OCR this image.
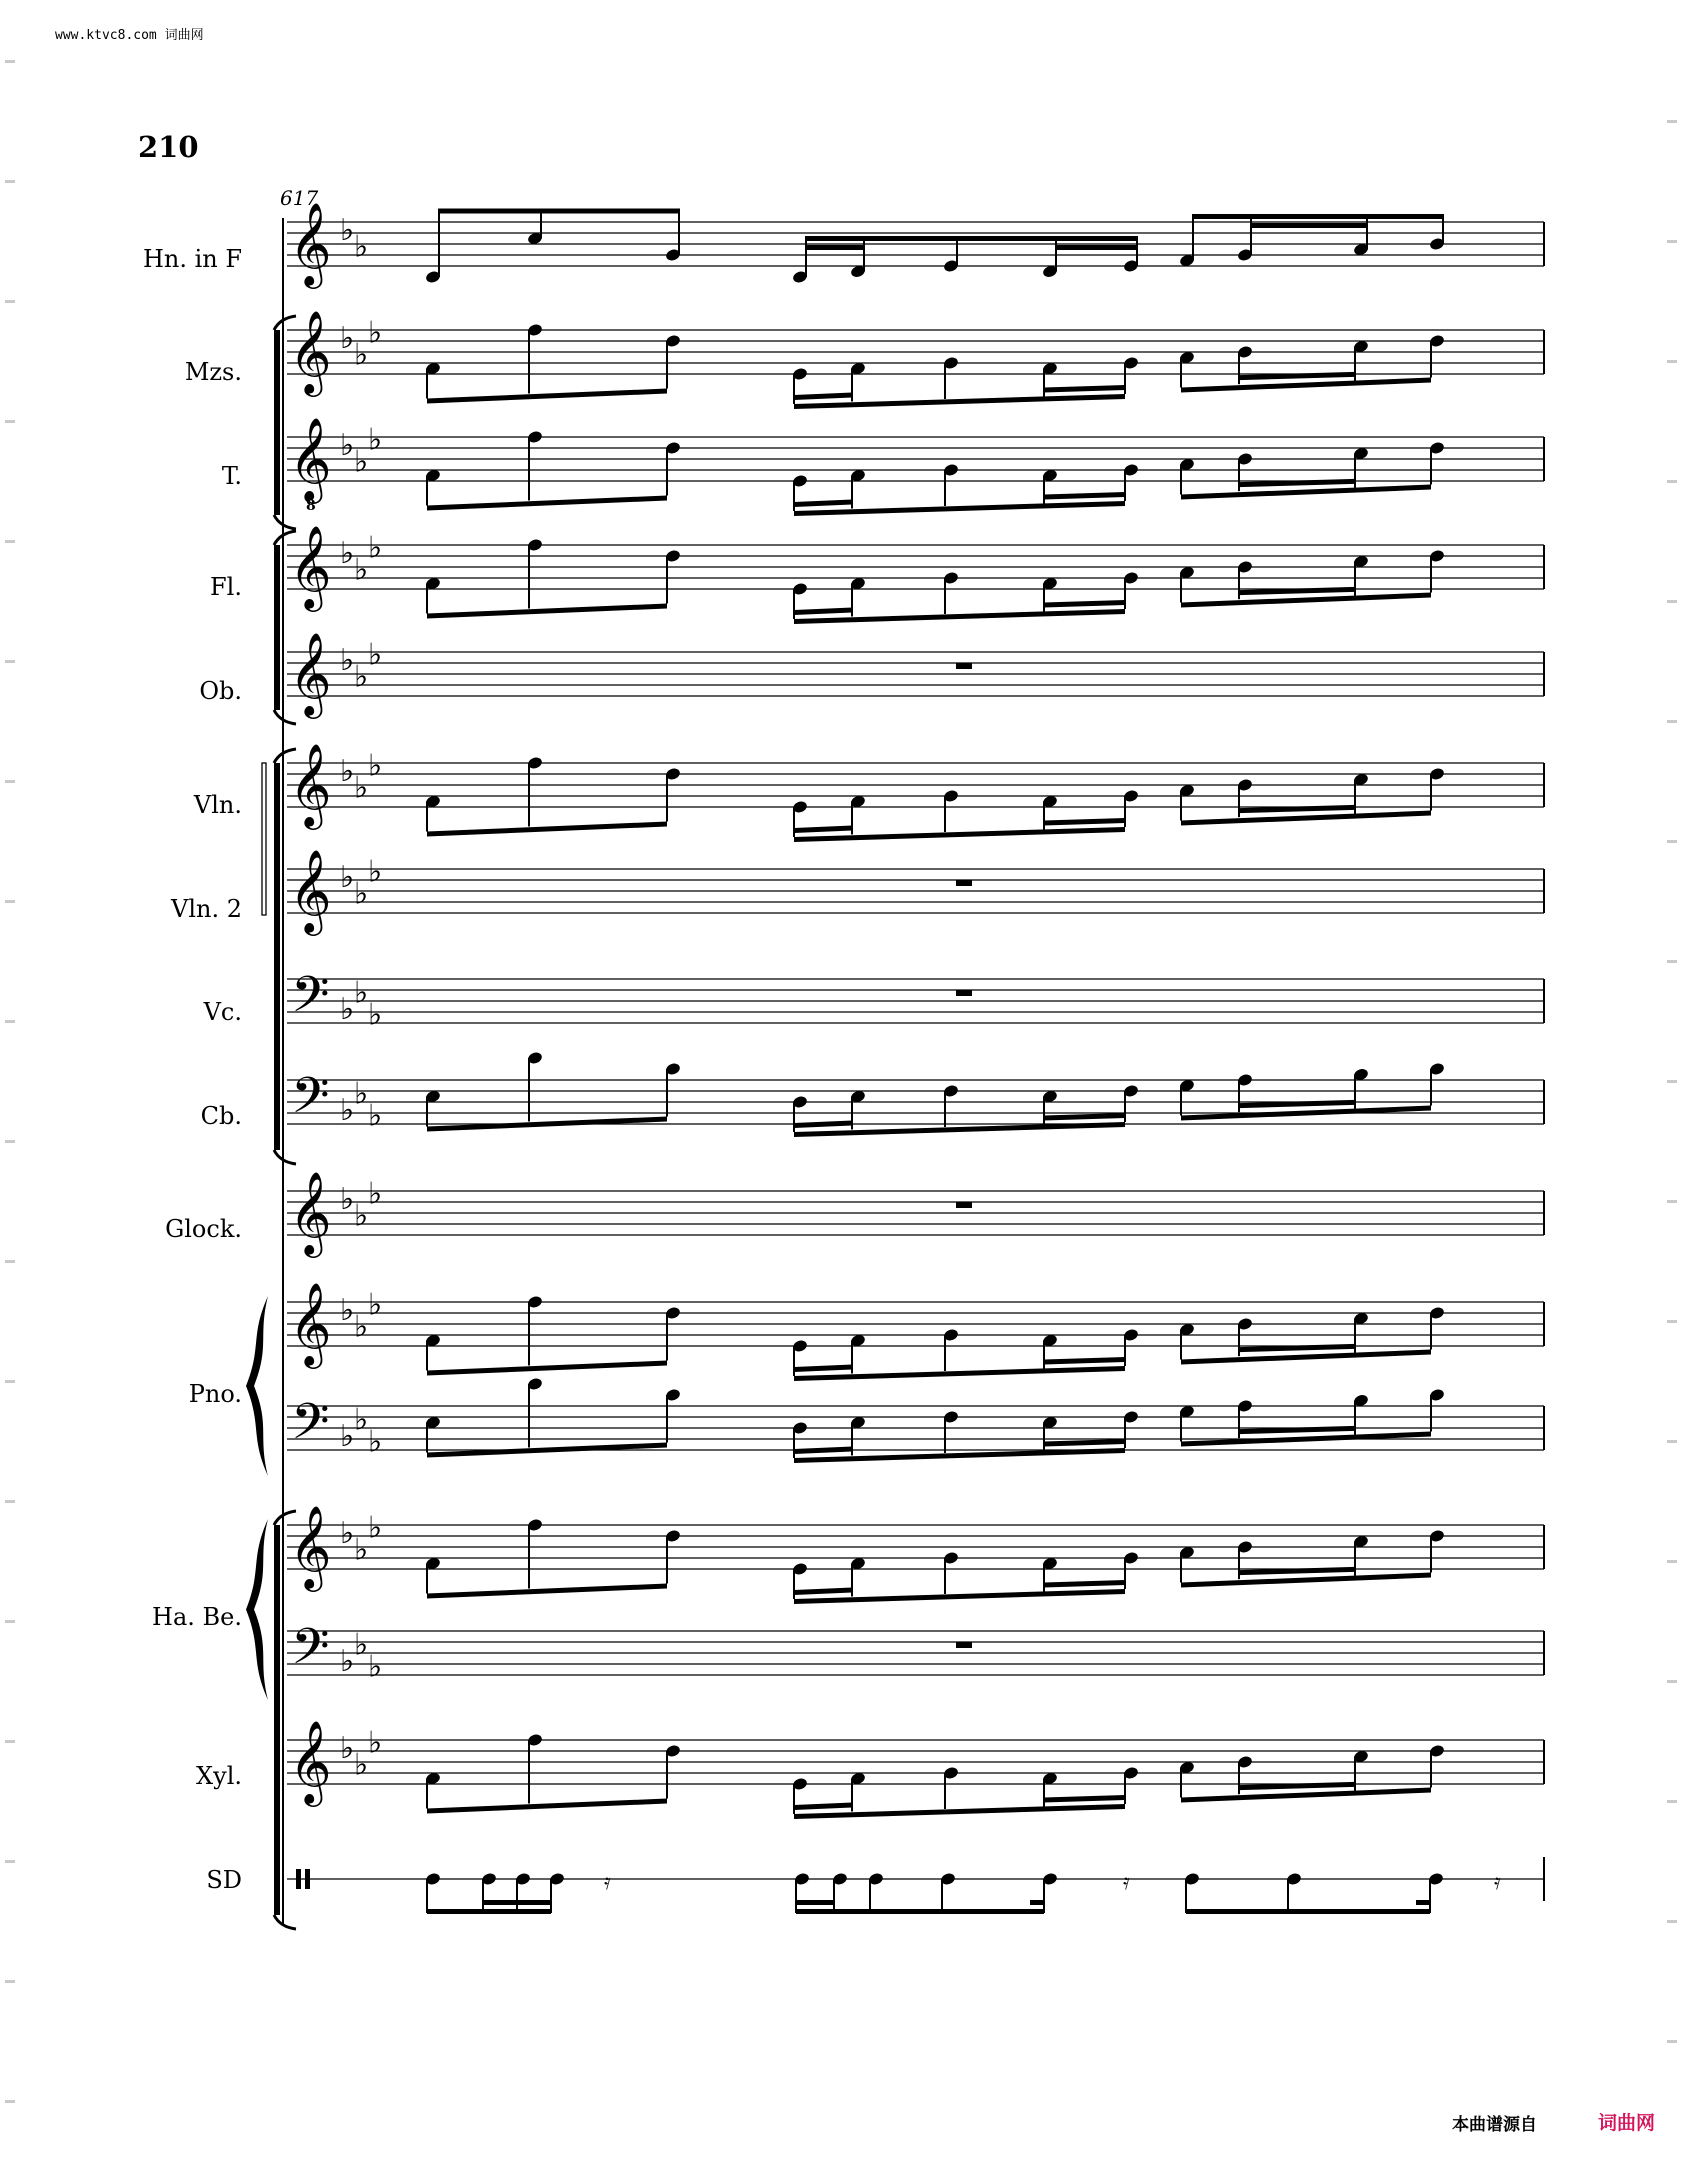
www.ktvc8.com 词曲网
210
617
Hn. in F
Mzs.
T.
Fl.
Ob.
Vln.
Vln. 2
Vc.
Cb.
Glock.
Pno.
Ha. Be.
Xyl.
SD
𝄞 ♭ ♭
𝄞 ♭ ♭
♭
𝄞
8
♭ ♭
♭
𝄞 ♭ ♭
♭
𝄞 ♭ ♭
♭
𝄞 ♭ ♭
♭
𝄞 ♭ ♭
♭
𝄢 ♭ ♭
♭
𝄢 ♭ ♭
♭
𝄞 ♭ ♭
♭
𝄞 ♭ ♭
♭
𝄢 ♭ ♭
♭
𝄞 ♭ ♭
♭
𝄢 ♭ ♭
♭
𝄞 ♭ ♭
♭
𝄿	𝄿	𝄿
本曲谱源自	词曲网
